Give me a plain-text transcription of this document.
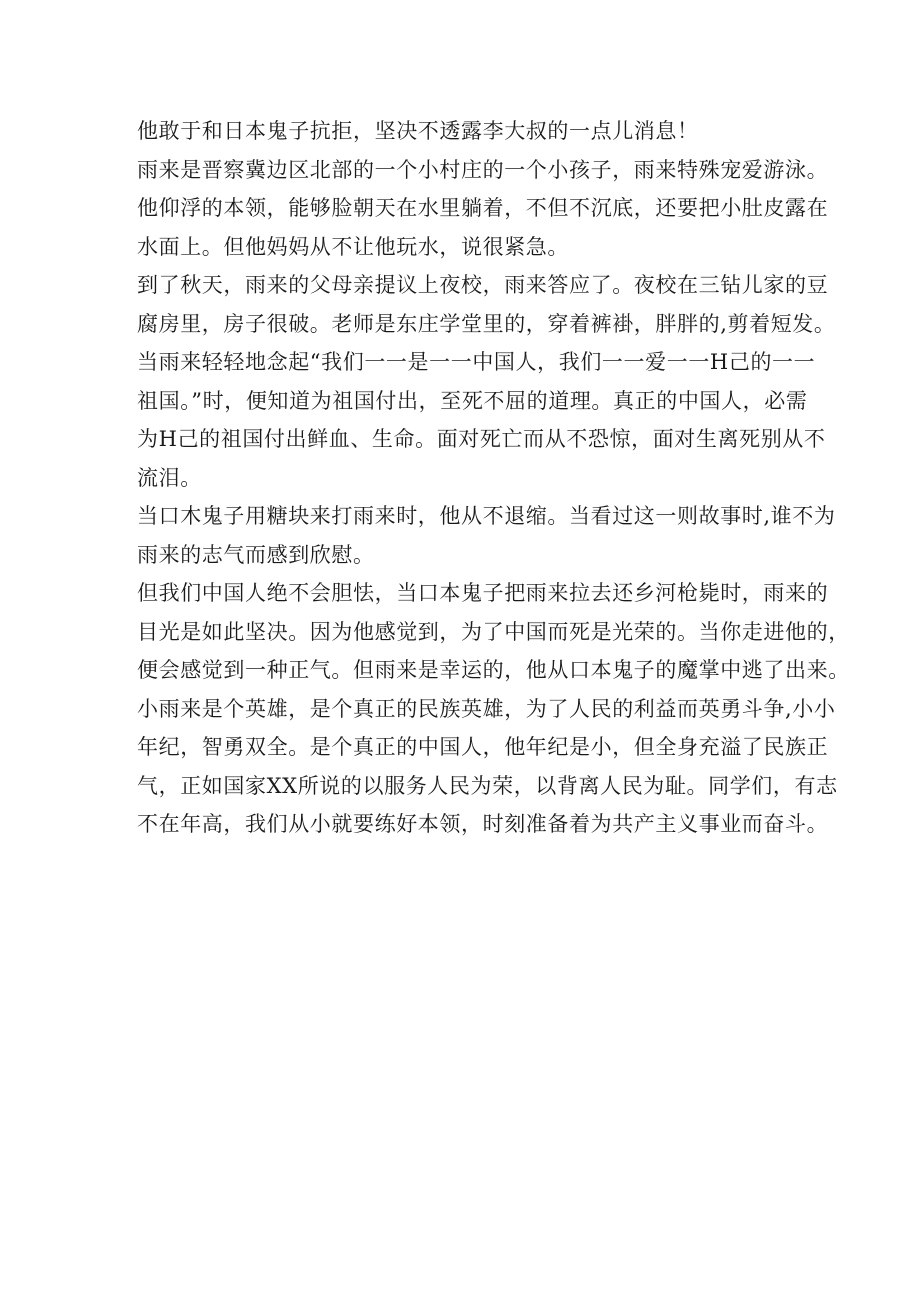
他敢于和日本鬼子抗拒，坚决不透露李大叔的一点儿消息！
雨来是晋察冀边区北部的一个小村庄的一个小孩子，雨来特殊宠爱游泳。
他仰浮的本领，能够脸朝天在水里躺着，不但不沉底，还要把小肚皮露在
水面上。但他妈妈从不让他玩水，说很紧急。
到了秋天，雨来的父母亲提议上夜校，雨来答应了。夜校在三钻儿家的豆
腐房里，房子很破。老师是东庄学堂里的，穿着裤褂，胖胖的,剪着短发。
当雨来轻轻地念起“我们一一是一一中国人，我们一一爱一一H己的一一
祖国。”时，便知道为祖国付出，至死不屈的道理。真正的中国人，必需
为H己的祖国付出鲜血、生命。面对死亡而从不恐惊，面对生离死别从不
流泪。
当口木鬼子用糖块来打雨来时，他从不退缩。当看过这一则故事时,谁不为
雨来的志气而感到欣慰。
但我们中国人绝不会胆怯，当口本鬼子把雨来拉去还乡河枪毙时，雨来的
目光是如此坚决。因为他感觉到，为了中国而死是光荣的。当你走进他的，
便会感觉到一种正气。但雨来是幸运的，他从口本鬼子的魔掌中逃了出来。
小雨来是个英雄，是个真正的民族英雄，为了人民的利益而英勇斗争,小小
年纪，智勇双全。是个真正的中国人，他年纪是小，但全身充溢了民族正
气，正如国家XX所说的以服务人民为荣，以背离人民为耻。同学们，有志
不在年高，我们从小就要练好本领，时刻准备着为共产主义事业而奋斗。
